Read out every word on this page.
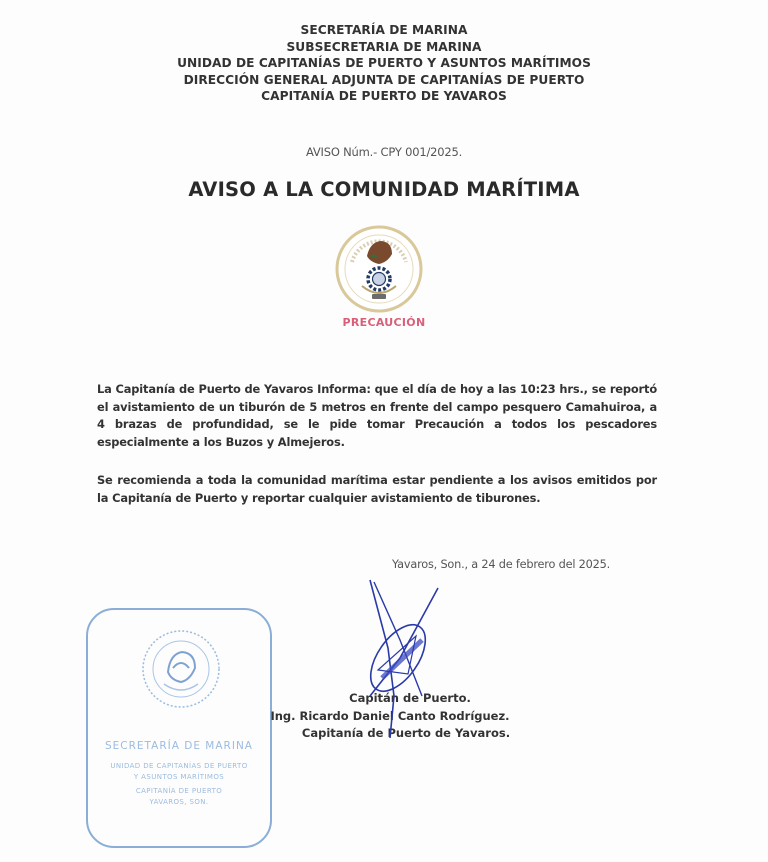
SECRETARÍA DE MARINA
SUBSECRETARIA DE MARINA
UNIDAD DE CAPITANÍAS DE PUERTO Y ASUNTOS MARÍTIMOS
DIRECCIÓN GENERAL ADJUNTA DE CAPITANÍAS DE PUERTO
CAPITANÍA DE PUERTO DE YAVAROS
AVISO Núm.- CPY 001/2025.
AVISO A LA COMUNIDAD MARÍTIMA
PRECAUCIÓN

La Capitanía de Puerto de Yavaros Informa: que el día de hoy a las 10:23 hrs., se reportó el avistamiento de un tiburón de 5 metros en frente del campo pesquero Camahuiroa, a 4 brazas de profundidad, se le pide tomar Precaución a todos los pescadores especialmente a los Buzos y Almejeros.

Se recomienda a toda la comunidad marítima estar pendiente a los avisos emitidos por la Capitanía de Puerto y reportar cualquier avistamiento de tiburones.

Yavaros, Son., a 24 de febrero del 2025.
SECRETARÍA DE MARINA
UNIDAD DE CAPITANÍAS DE PUERTO
Y ASUNTOS MARÍTIMOS
CAPITANÍA DE PUERTO
YAVAROS, SON.
Capitán de Puerto.
Ing. Ricardo Daniel Canto Rodríguez.
Capitanía de Puerto de Yavaros.
